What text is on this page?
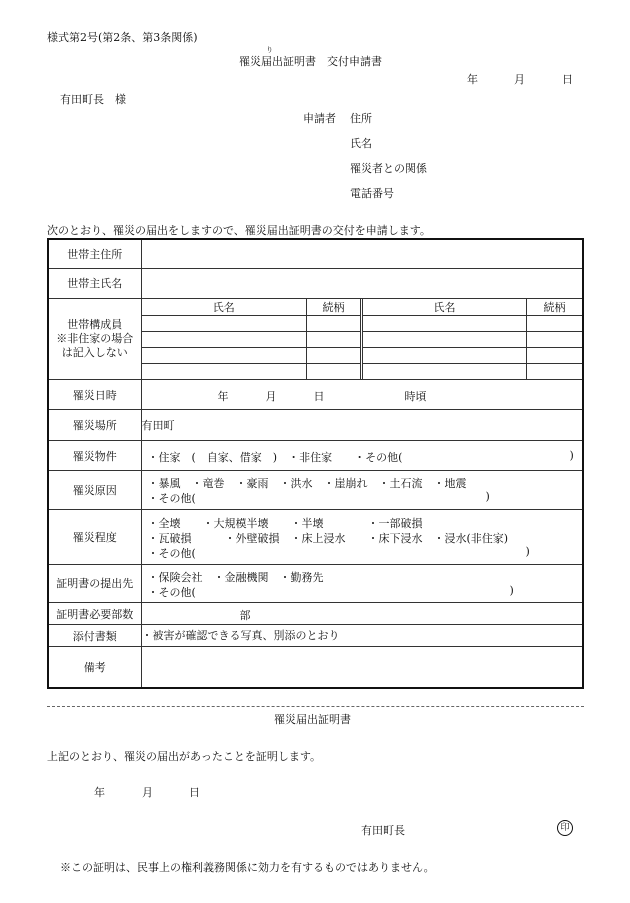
様式第2号(第2条、第3条関係)
り
罹災届出証明書　交付申請書
年	月	日
有田町長　様
申請者 住所
氏名
罹災者との関係
電話番号
次のとおり、罹災の届出をしますので、罹災届出証明書の交付を申請します。
世帯主住所	
世帯主氏名	
世帯構成員
※非住家の場合
は記入しない	
氏名	続柄	氏名	続柄

罹災日時	年	月	日	時頃

罹災場所	有田町
罹災物件	・住家　(　自家、借家　)　・非住家　　・その他(	)

罹災原因	
・暴風　・竜巻　・豪雨　・洪水　・崖崩れ　・土石流　・地震
・その他(	)

罹災程度	
・全壊　　・大規模半壊　　・半壊　　　　・一部破損
・瓦破損　　　・外壁破損　・床上浸水　　・床下浸水　・浸水(非住家)
・その他(	)

証明書の提出先	
・保険会社　・金融機関　・勤務先
・その他(	)

証明書必要部数	部

添付書類	・被害が確認できる写真、別添のとおり
備考	
罹災届出証明書
上記のとおり、罹災の届出があったことを証明します。
年	月	日
有田町長	印
※この証明は、民事上の権利義務関係に効力を有するものではありません。
